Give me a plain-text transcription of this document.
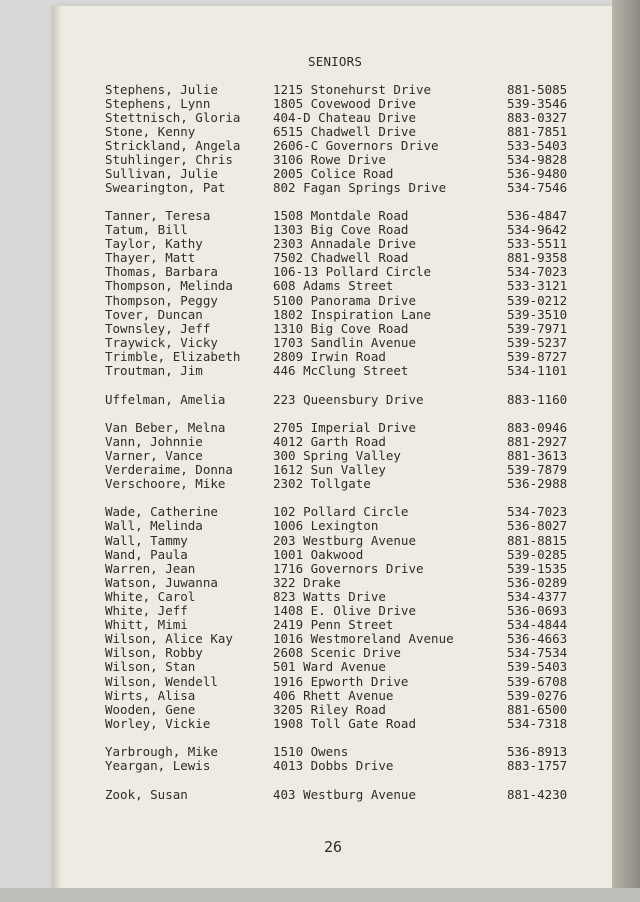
SENIORS
Stephens, Julie	1215 Stonehurst Drive	881-5085
Stephens, Lynn	1805 Covewood Drive	539-3546
Stettnisch, Gloria	404-D Chateau Drive	883-0327
Stone, Kenny	6515 Chadwell Drive	881-7851
Strickland, Angela	2606-C Governors Drive	533-5403
Stuhlinger, Chris	3106 Rowe Drive	534-9828
Sullivan, Julie	2005 Colice Road	536-9480
Swearington, Pat	802 Fagan Springs Drive	534-7546
Tanner, Teresa	1508 Montdale Road	536-4847
Tatum, Bill	1303 Big Cove Road	534-9642
Taylor, Kathy	2303 Annadale Drive	533-5511
Thayer, Matt	7502 Chadwell Road	881-9358
Thomas, Barbara	106-13 Pollard Circle	534-7023
Thompson, Melinda	608 Adams Street	533-3121
Thompson, Peggy	5100 Panorama Drive	539-0212
Tover, Duncan	1802 Inspiration Lane	539-3510
Townsley, Jeff	1310 Big Cove Road	539-7971
Traywick, Vicky	1703 Sandlin Avenue	539-5237
Trimble, Elizabeth	2809 Irwin Road	539-8727
Troutman, Jim	446 McClung Street	534-1101
Uffelman, Amelia	223 Queensbury Drive	883-1160
Van Beber, Melna	2705 Imperial Drive	883-0946
Vann, Johnnie	4012 Garth Road	881-2927
Varner, Vance	300 Spring Valley	881-3613
Verderaime, Donna	1612 Sun Valley	539-7879
Verschoore, Mike	2302 Tollgate	536-2988
Wade, Catherine	102 Pollard Circle	534-7023
Wall, Melinda	1006 Lexington	536-8027
Wall, Tammy	203 Westburg Avenue	881-8815
Wand, Paula	1001 Oakwood	539-0285
Warren, Jean	1716 Governors Drive	539-1535
Watson, Juwanna	322 Drake	536-0289
White, Carol	823 Watts Drive	534-4377
White, Jeff	1408 E. Olive Drive	536-0693
Whitt, Mimi	2419 Penn Street	534-4844
Wilson, Alice Kay	1016 Westmoreland Avenue	536-4663
Wilson, Robby	2608 Scenic Drive	534-7534
Wilson, Stan	501 Ward Avenue	539-5403
Wilson, Wendell	1916 Epworth Drive	539-6708
Wirts, Alisa	406 Rhett Avenue	539-0276
Wooden, Gene	3205 Riley Road	881-6500
Worley, Vickie	1908 Toll Gate Road	534-7318
Yarbrough, Mike	1510 Owens	536-8913
Yeargan, Lewis	4013 Dobbs Drive	883-1757
Zook, Susan	403 Westburg Avenue	881-4230
26
